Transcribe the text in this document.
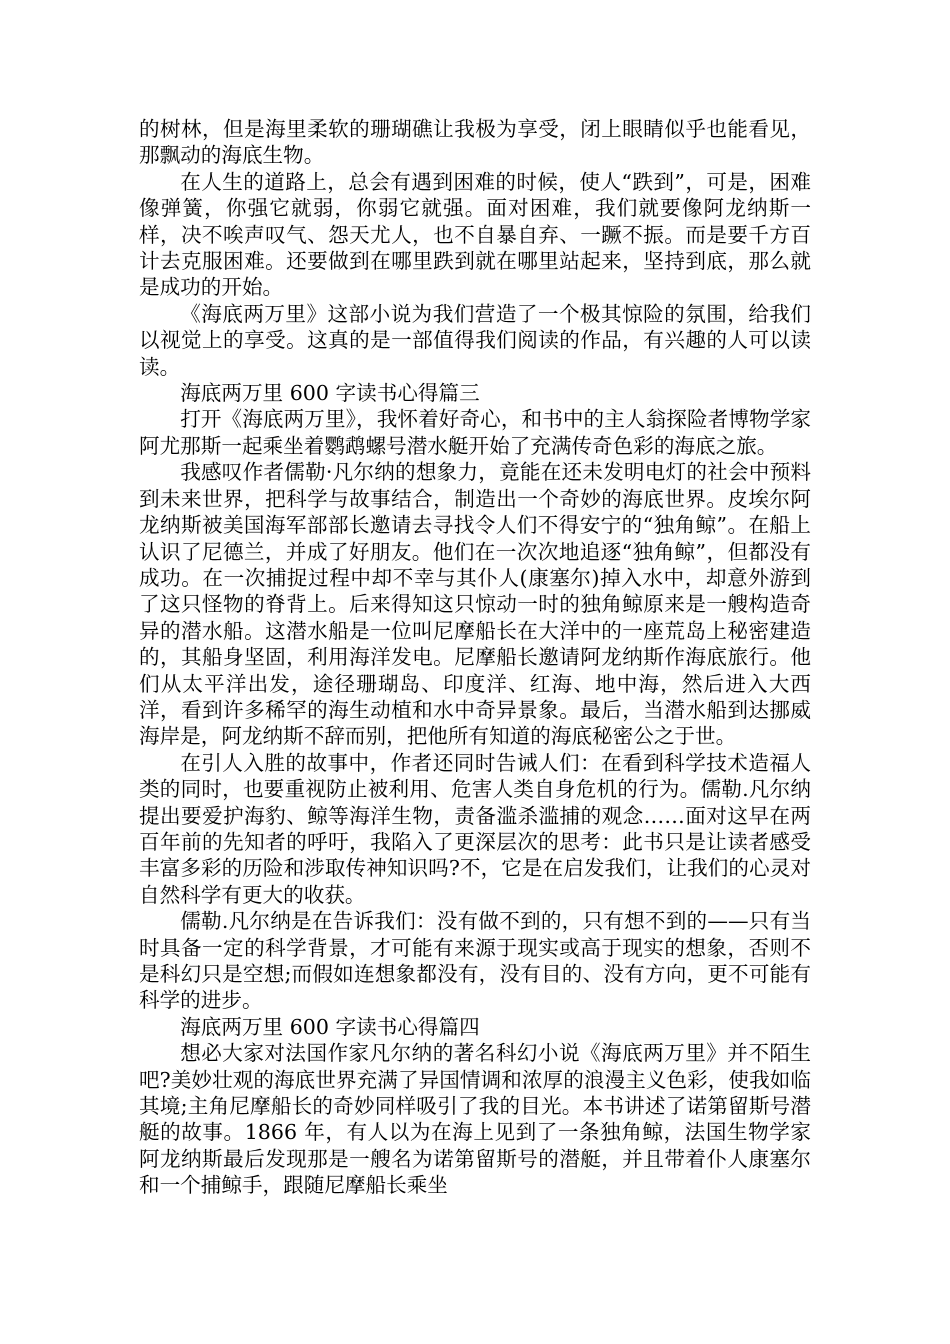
的树林，但是海里柔软的珊瑚礁让我极为享受，闭上眼睛似乎也能看见，那飘动的海底生物。

在人生的道路上，总会有遇到困难的时候，使人“跌到”，可是，困难像弹簧，你强它就弱，你弱它就强。面对困难，我们就要像阿龙纳斯一样，决不唉声叹气、怨天尤人，也不自暴自弃、一蹶不振。而是要千方百计去克服困难。还要做到在哪里跌到就在哪里站起来，坚持到底，那么就是成功的开始。

《海底两万里》这部小说为我们营造了一个极其惊险的氛围，给我们以视觉上的享受。这真的是一部值得我们阅读的作品，有兴趣的人可以读读。

海底两万里 600 字读书心得篇三

打开《海底两万里》，我怀着好奇心，和书中的主人翁探险者博物学家阿尤那斯一起乘坐着鹦鹉螺号潜水艇开始了充满传奇色彩的海底之旅。

我感叹作者儒勒·凡尔纳的想象力，竟能在还未发明电灯的社会中预料到未来世界，把科学与故事结合，制造出一个奇妙的海底世界。皮埃尔阿龙纳斯被美国海军部部长邀请去寻找令人们不得安宁的“独角鲸”。在船上认识了尼德兰，并成了好朋友。他们在一次次地追逐“独角鲸”，但都没有成功。在一次捕捉过程中却不幸与其仆人(康塞尔)掉入水中，却意外游到了这只怪物的脊背上。后来得知这只惊动一时的独角鲸原来是一艘构造奇异的潜水船。这潜水船是一位叫尼摩船长在大洋中的一座荒岛上秘密建造的，其船身坚固，利用海洋发电。尼摩船长邀请阿龙纳斯作海底旅行。他们从太平洋出发，途径珊瑚岛、印度洋、红海、地中海，然后进入大西洋，看到许多稀罕的海生动植和水中奇异景象。最后，当潜水船到达挪威海岸是，阿龙纳斯不辞而别，把他所有知道的海底秘密公之于世。

在引人入胜的故事中，作者还同时告诫人们：在看到科学技术造福人类的同时，也要重视防止被利用、危害人类自身危机的行为。儒勒.凡尔纳提出要爱护海豹、鲸等海洋生物，责备滥杀滥捕的观念……面对这早在两百年前的先知者的呼吁，我陷入了更深层次的思考：此书只是让读者感受丰富多彩的历险和涉取传神知识吗?不，它是在启发我们，让我们的心灵对自然科学有更大的收获。

儒勒.凡尔纳是在告诉我们：没有做不到的，只有想不到的——只有当时具备一定的科学背景，才可能有来源于现实或高于现实的想象，否则不是科幻只是空想;而假如连想象都没有，没有目的、没有方向，更不可能有科学的进步。

海底两万里 600 字读书心得篇四

想必大家对法国作家凡尔纳的著名科幻小说《海底两万里》并不陌生吧?美妙壮观的海底世界充满了异国情调和浓厚的浪漫主义色彩，使我如临其境;主角尼摩船长的奇妙同样吸引了我的目光。本书讲述了诺第留斯号潜艇的故事。1866 年，有人以为在海上见到了一条独角鲸，法国生物学家阿龙纳斯最后发现那是一艘名为诺第留斯号的潜艇，并且带着仆人康塞尔和一个捕鲸手，跟随尼摩船长乘坐
